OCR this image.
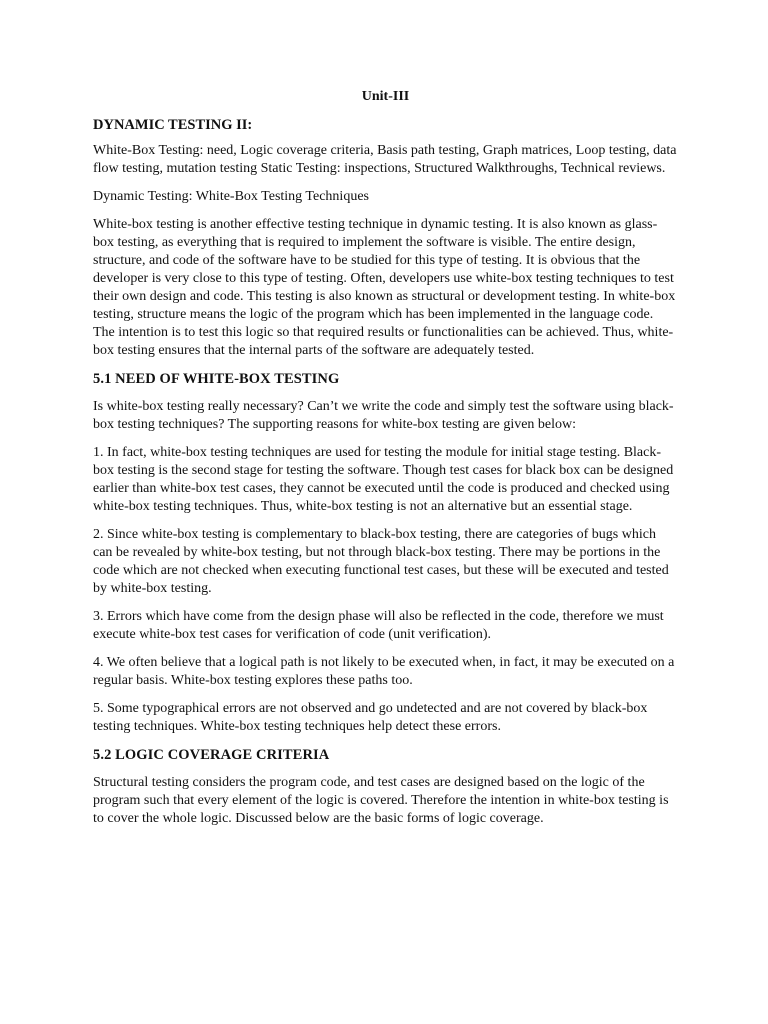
Unit-III
DYNAMIC TESTING II:

White-Box Testing: need, Logic coverage criteria, Basis path testing, Graph matrices, Loop testing, data flow testing, mutation testing Static Testing: inspections, Structured Walkthroughs, Technical reviews.

Dynamic Testing: White-Box Testing Techniques

White-box testing is another effective testing technique in dynamic testing. It is also known as glass-box testing, as everything that is required to implement the software is visible. The entire design, structure, and code of the software have to be studied for this type of testing. It is obvious that the developer is very close to this type of testing. Often, developers use white-box testing techniques to test their own design and code. This testing is also known as structural or development testing. In white-box testing, structure means the logic of the program which has been implemented in the language code. The intention is to test this logic so that required results or functionalities can be achieved. Thus, white-box testing ensures that the internal parts of the software are adequately tested.

5.1 NEED OF WHITE-BOX TESTING

Is white-box testing really necessary? Can’t we write the code and simply test the software using black-box testing techniques? The supporting reasons for white-box testing are given below:

1. In fact, white-box testing techniques are used for testing the module for initial stage testing. Black-box testing is the second stage for testing the software. Though test cases for black box can be designed earlier than white-box test cases, they cannot be executed until the code is produced and checked using white-box testing techniques. Thus, white-box testing is not an alternative but an essential stage.

2. Since white-box testing is complementary to black-box testing, there are categories of bugs which can be revealed by white-box testing, but not through black-box testing. There may be portions in the code which are not checked when executing functional test cases, but these will be executed and tested by white-box testing.

3. Errors which have come from the design phase will also be reflected in the code, therefore we must execute white-box test cases for verification of code (unit verification).

4. We often believe that a logical path is not likely to be executed when, in fact, it may be executed on a regular basis. White-box testing explores these paths too.

5. Some typographical errors are not observed and go undetected and are not covered by black-box testing techniques. White-box testing techniques help detect these errors.

5.2 LOGIC COVERAGE CRITERIA

Structural testing considers the program code, and test cases are designed based on the logic of the program such that every element of the logic is covered. Therefore the intention in white-box testing is to cover the whole logic. Discussed below are the basic forms of logic coverage.
